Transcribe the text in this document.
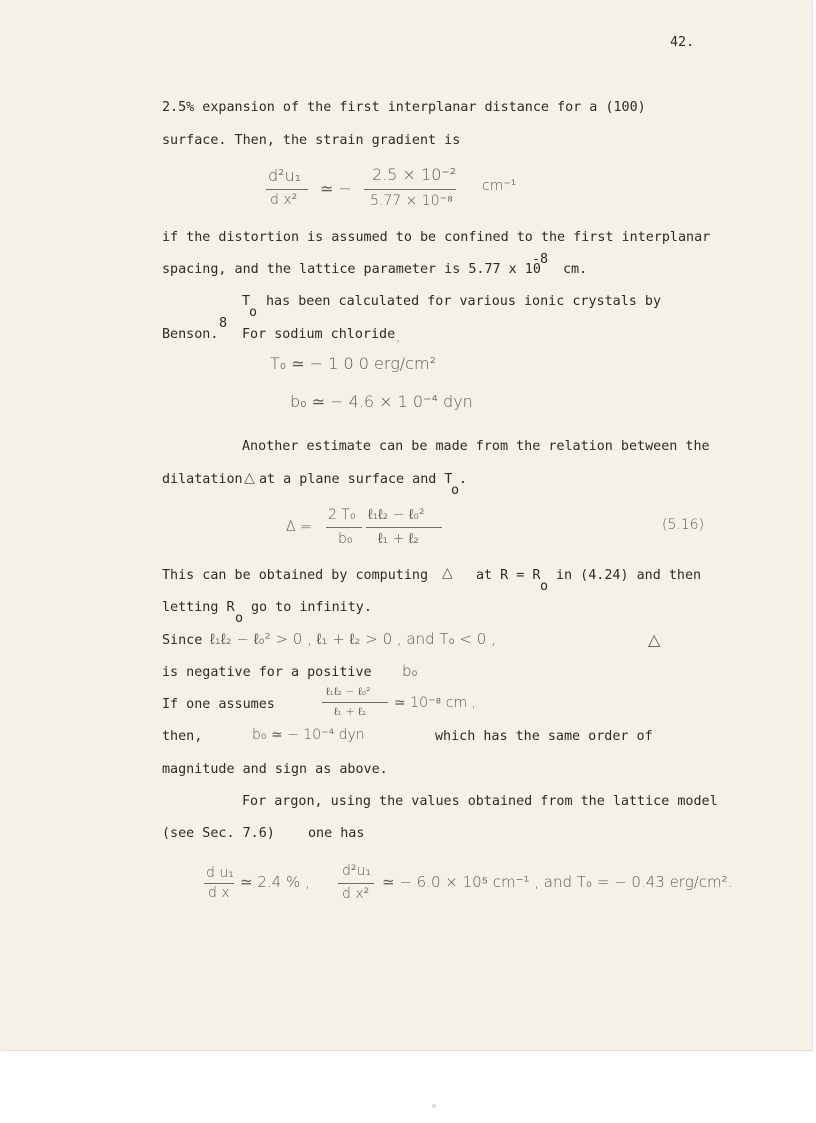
42.
2.5% expansion of the first interplanar distance for a (100)
surface. Then, the strain gradient is
d²u₁
d x²
≃ −
2.5 × 10⁻²
5.77 × 10⁻⁸
cm⁻¹
if the distortion is assumed to be confined to the first interplanar
spacing, and the lattice parameter is 5.77 x 10
-8
cm.
T
o
has been calculated for various ionic crystals by
Benson.
8
For sodium chloride ,
T₀ ≃ − 1 0 0 erg/cm²
b₀ ≃ − 4.6 × 1 0⁻⁴ dyn
Another estimate can be made from the relation between the
dilatation △ at a plane surface and T
o
.
Δ =
2 T₀
b₀
ℓ₁ℓ₂ − ℓ₀²
ℓ₁ + ℓ₂
(5.16)
This can be obtained by computing △ at R = R
o
in (4.24) and then
letting R
o
go to infinity.
Since ℓ₁ℓ₂ − ℓ₀² > 0 , ℓ₁ + ℓ₂ > 0 , and T₀ < 0 ,	△
is negative for a positive b₀
If one assumes
ℓ₁ℓ₂ − ℓ₀²
ℓ₁ + ℓ₂
≃ 10⁻⁸ cm ,
then,	b₀ ≃ − 10⁻⁴ dyn	which has the same order of
magnitude and sign as above.
For argon, using the values obtained from the lattice model
(see Sec. 7.6) one has
d u₁
d x
≃ 2.4 % ,
d²u₁
d x²
≃ − 6.0 × 10⁵ cm⁻¹ , and T₀ = − 0.43 erg/cm².
